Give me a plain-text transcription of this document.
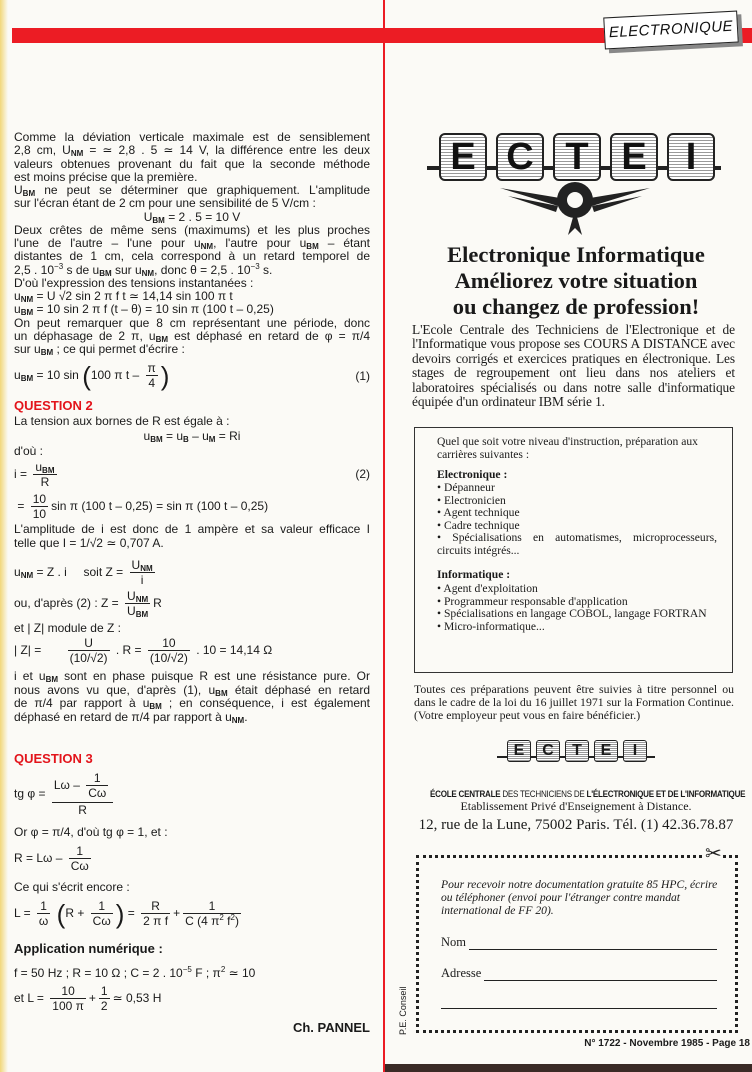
ELECTRONIQUE
Comme la déviation verticale maximale est de sensiblement
2,8 cm, $U_{NM}$ = ≃ 2,8 . 5 ≃ 14 V, la différence entre les deux
valeurs obtenues provenant du fait que la seconde méthode
est moins précise que la première.
$U_{BM}$ ne peut se déterminer que graphiquement. L'amplitude
sur l'écran étant de 2 cm pour une sensibilité de 5 V/cm :
$U_{BM} = 2$ . 5 = 10 V
Deux crêtes de même sens (maximums) et les plus proches
l'une de l'autre – l'une pour $u_{NM}$, l'autre pour $u_{BM}$ – étant
distantes de 1 cm, cela correspond à un retard temporel de
2,5 . $10^{-3}$ s de $u_{BM}$ sur $u_{NM}$, donc θ = 2,5 . $10^{-3}$ s.
D'où l'expression des tensions instantanées :
$u_{NM} = U$ √2 sin 2 π f t ≃ 14,14 sin 100 π t
$u_{BM} = 10$ sin 2 π f (t – θ) = 10 sin π (100 t – 0,25)
On peut remarquer que 8 cm représentant une période, donc
un déphasage de 2 π, $u_{BM}$ est déphasé en retard de φ = π/4
sur $u_{BM}$ ; ce qui permet d'écrire :
$u_{BM} = 10$ sin (100 π t – $\frac{\pi}{4}$ )	(1)
QUESTION 2
La tension aux bornes de R est égale à :
$u_{BM} = u_B - u_M = Ri$
d'où :
$i = \frac{u_{BM}}{R}$	(2)
= $\frac{10}{10}$ sin π (100 t – 0,25) = sin π (100 t – 0,25)
L'amplitude de i est donc de 1 ampère et sa valeur efficace I
telle que I = 1/√2 ≃ 0,707 A.
$u_{NM} = Z$ . i soit $Z = \frac{U_{NM}}{i}$
ou, d'après (2) : $Z = \frac{U_{NM}}{U_{BM}}$ R
et | Z| module de Z :
| $Z| = \frac{U}{(10/√2)}$ . $R = \frac{10}{(10/√2)}$ . 10 = 14,14 Ω
i et $u_{BM}$ sont en phase puisque R est une résistance pure. Or
nous avons vu que, d'après (1), $u_{BM}$ était déphasé en retard
de π/4 par rapport à $u_{BM}$ ; en conséquence, i est également
déphasé en retard de π/4 par rapport à $u_{NM}$.
QUESTION 3
tg $\varphi = \frac{L\omega - \frac{1}{C\omega}}{R}$
Or φ = π/4, d'où tg φ = 1, et :
$R = L\omega - \frac{1}{C\omega}$
Ce qui s'écrit encore :
$L = \frac{1}{\omega} (R + \frac{1}{C\omega}$ ) = $\frac{R}{\text{2 π f}} + \frac{1}{C (4 \pi^2 f^2)}$
Application numérique :
f = 50 Hz ; R = 10 Ω ; C = 2 . $10^{-5}$ F ; $\pi^2$ ≃ 10
et $L = \frac{10}{100 \pi} + \frac{1}{2}$ ≃ 0,53 H
Ch. PANNEL
E C T E	I
Electronique Informatique
Améliorez votre situation
ou changez de profession!
L'Ecole Centrale des Techniciens de l'Electronique et de l'Informatique vous propose ses COURS A DISTANCE avec devoirs corrigés et exercices pratiques en électronique. Les stages de regroupement ont lieu dans nos ateliers et laboratoires spécialisés ou dans notre salle d'informatique équipée d'un ordinateur IBM série 1.
Quel que soit votre niveau d'instruction, préparation aux carrières suivantes :
Electronique :
• Dépanneur
• Electronicien
• Agent technique
• Cadre technique
• Spécialisations en automatismes, microprocesseurs, circuits intégrés...
Informatique :
• Agent d'exploitation
• Programmeur responsable d'application
• Spécialisations en langage COBOL, langage FORTRAN
• Micro-informatique...
Toutes ces préparations peuvent être suivies à titre personnel ou dans le cadre de la loi du 16 juillet 1971 sur la Formation Continue. (Votre employeur peut vous en faire bénéficier.)
E	C	T	E	I
ÉCOLE CENTRALE DES TECHNICIENS DE L'ÉLECTRONIQUE ET DE L'INFORMATIQUE
Etablissement Privé d'Enseignement à Distance.
12, rue de la Lune, 75002 Paris. Tél. (1) 42.36.78.87
Pour recevoir notre documentation gratuite 85 HPC, écrire ou téléphoner (envoi pour l'étranger contre mandat international de FF 20).
Nom
Adresse
✂
P.E. Conseil
N° 1722 - Novembre 1985 - Page 18
